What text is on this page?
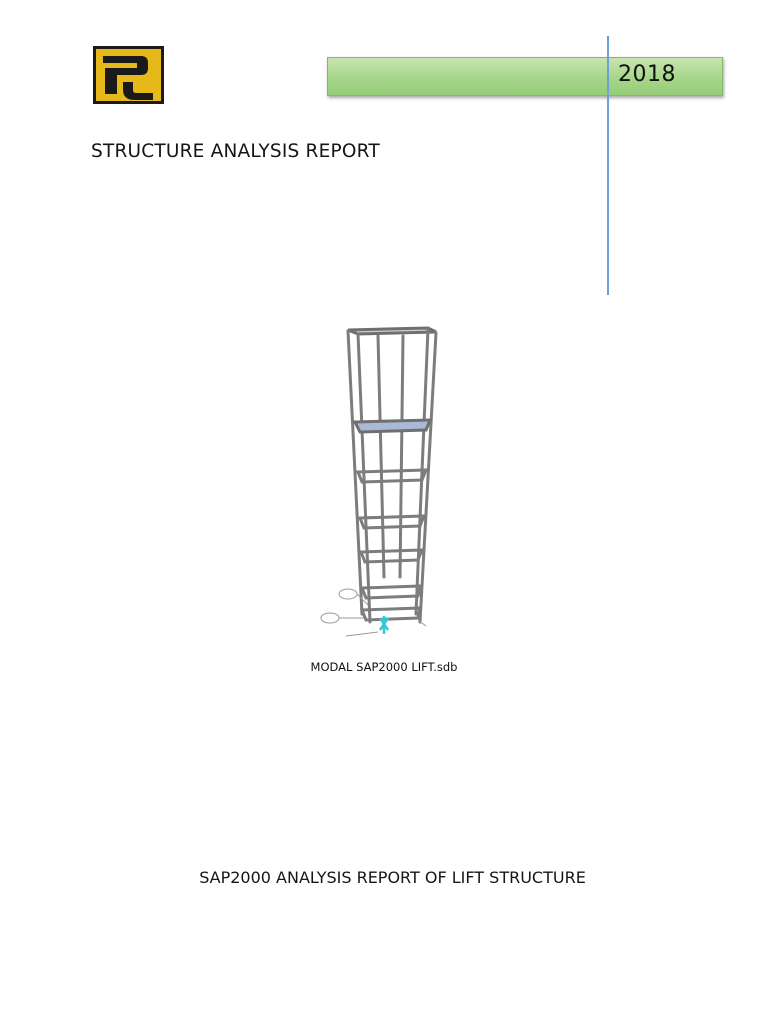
2018
STRUCTURE ANALYSIS REPORT
MODAL SAP2000 LIFT.sdb
SAP2000 ANALYSIS REPORT OF LIFT STRUCTURE
